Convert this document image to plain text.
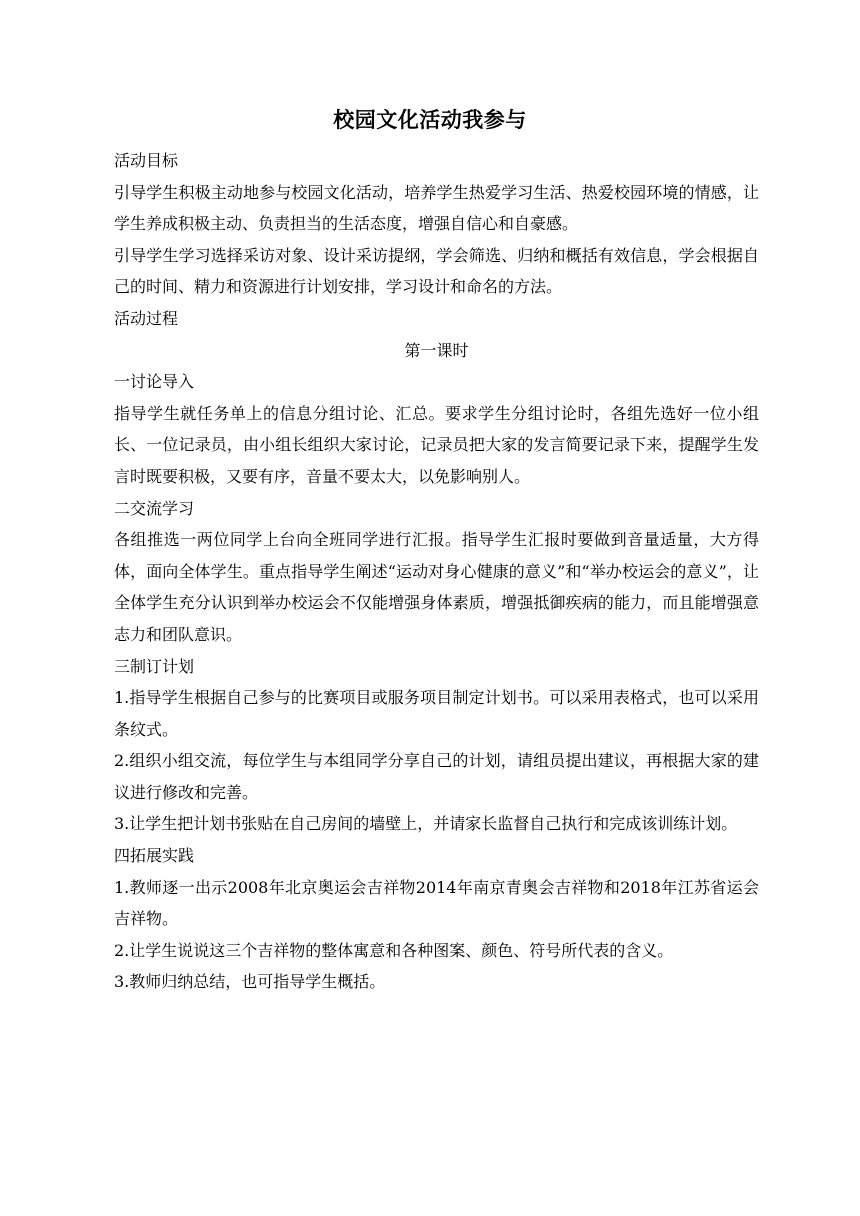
校园文化活动我参与

活动目标

引导学生积极主动地参与校园文化活动，培养学生热爱学习生活、热爱校园环境的情感，让学生养成积极主动、负责担当的生活态度，增强自信心和自豪感。

引导学生学习选择采访对象、设计采访提纲，学会筛选、归纳和概括有效信息，学会根据自己的时间、精力和资源进行计划安排，学习设计和命名的方法。

活动过程

第一课时

一讨论导入

指导学生就任务单上的信息分组讨论、汇总。要求学生分组讨论时，各组先选好一位小组长、一位记录员，由小组长组织大家讨论，记录员把大家的发言简要记录下来，提醒学生发言时既要积极，又要有序，音量不要太大，以免影响别人。

二交流学习

各组推选一两位同学上台向全班同学进行汇报。指导学生汇报时要做到音量适量，大方得体，面向全体学生。重点指导学生阐述“运动对身心健康的意义”和“举办校运会的意义”，让全体学生充分认识到举办校运会不仅能增强身体素质，增强抵御疾病的能力，而且能增强意志力和团队意识。

三制订计划

1.指导学生根据自己参与的比赛项目或服务项目制定计划书。可以采用表格式，也可以采用条纹式。

2.组织小组交流，每位学生与本组同学分享自己的计划，请组员提出建议，再根据大家的建议进行修改和完善。

3.让学生把计划书张贴在自己房间的墙壁上，并请家长监督自己执行和完成该训练计划。

四拓展实践

1.教师逐一出示2008年北京奥运会吉祥物2014年南京青奥会吉祥物和2018年江苏省运会吉祥物。

2.让学生说说这三个吉祥物的整体寓意和各种图案、颜色、符号所代表的含义。

3.教师归纳总结，也可指导学生概括。
